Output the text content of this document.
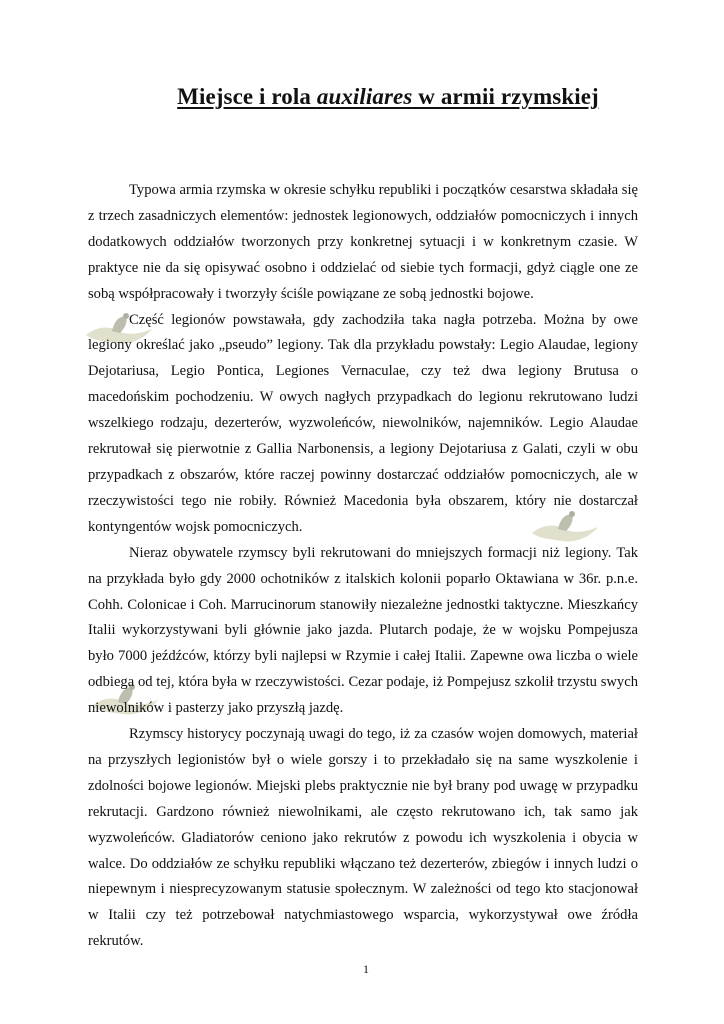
Miejsce i rola auxiliares w armii rzymskiej

Typowa armia rzymska w okresie schyłku republiki i początków cesarstwa składała się z trzech zasadniczych elementów: jednostek legionowych, oddziałów pomocniczych i innych dodatkowych oddziałów tworzonych przy konkretnej sytuacji i w konkretnym czasie. W praktyce nie da się opisywać osobno i oddzielać od siebie tych formacji, gdyż ciągle one ze sobą współpracowały i tworzyły ściśle powiązane ze sobą jednostki bojowe.

Część legionów powstawała, gdy zachodziła taka nagła potrzeba. Można by owe legiony określać jako „pseudo” legiony. Tak dla przykładu powstały: Legio Alaudae, legiony Dejotariusa, Legio Pontica, Legiones Vernaculae, czy też dwa legiony Brutusa o macedońskim pochodzeniu. W owych nagłych przypadkach do legionu rekrutowano ludzi wszelkiego rodzaju, dezerterów, wyzwoleńców, niewolników, najemników. Legio Alaudae rekrutował się pierwotnie z Gallia Narbonensis, a legiony Dejotariusa z Galati, czyli w obu przypadkach z obszarów, które raczej powinny dostarczać oddziałów pomocniczych, ale w rzeczywistości tego nie robiły. Również Macedonia była obszarem, który nie dostarczał kontyngentów wojsk pomocniczych.

Nieraz obywatele rzymscy byli rekrutowani do mniejszych formacji niż legiony. Tak na przykłada było gdy 2000 ochotników z italskich kolonii poparło Oktawiana w 36r. p.n.e. Cohh. Colonicae i Coh. Marrucinorum stanowiły niezależne jednostki taktyczne. Mieszkańcy Italii wykorzystywani byli głównie jako jazda. Plutarch podaje, że w wojsku Pompejusza było 7000 jeźdźców, którzy byli najlepsi w Rzymie i całej Italii. Zapewne owa liczba o wiele odbiega od tej, która była w rzeczywistości. Cezar podaje, iż Pompejusz szkolił trzystu swych niewolników i pasterzy jako przyszłą jazdę.

Rzymscy historycy poczynają uwagi do tego, iż za czasów wojen domowych, materiał na przyszłych legionistów był o wiele gorszy i to przekładało się na same wyszkolenie i zdolności bojowe legionów. Miejski plebs praktycznie nie był brany pod uwagę w przypadku rekrutacji. Gardzono również niewolnikami, ale często rekrutowano ich, tak samo jak wyzwoleńców. Gladiatorów ceniono jako rekrutów z powodu ich wyszkolenia i obycia w walce. Do oddziałów ze schyłku republiki włączano też dezerterów, zbiegów i innych ludzi o niepewnym i niesprecyzowanym statusie społecznym. W zależności od tego kto stacjonował w Italii czy też potrzebował natychmiastowego wsparcia, wykorzystywał owe źródła rekrutów.

1
